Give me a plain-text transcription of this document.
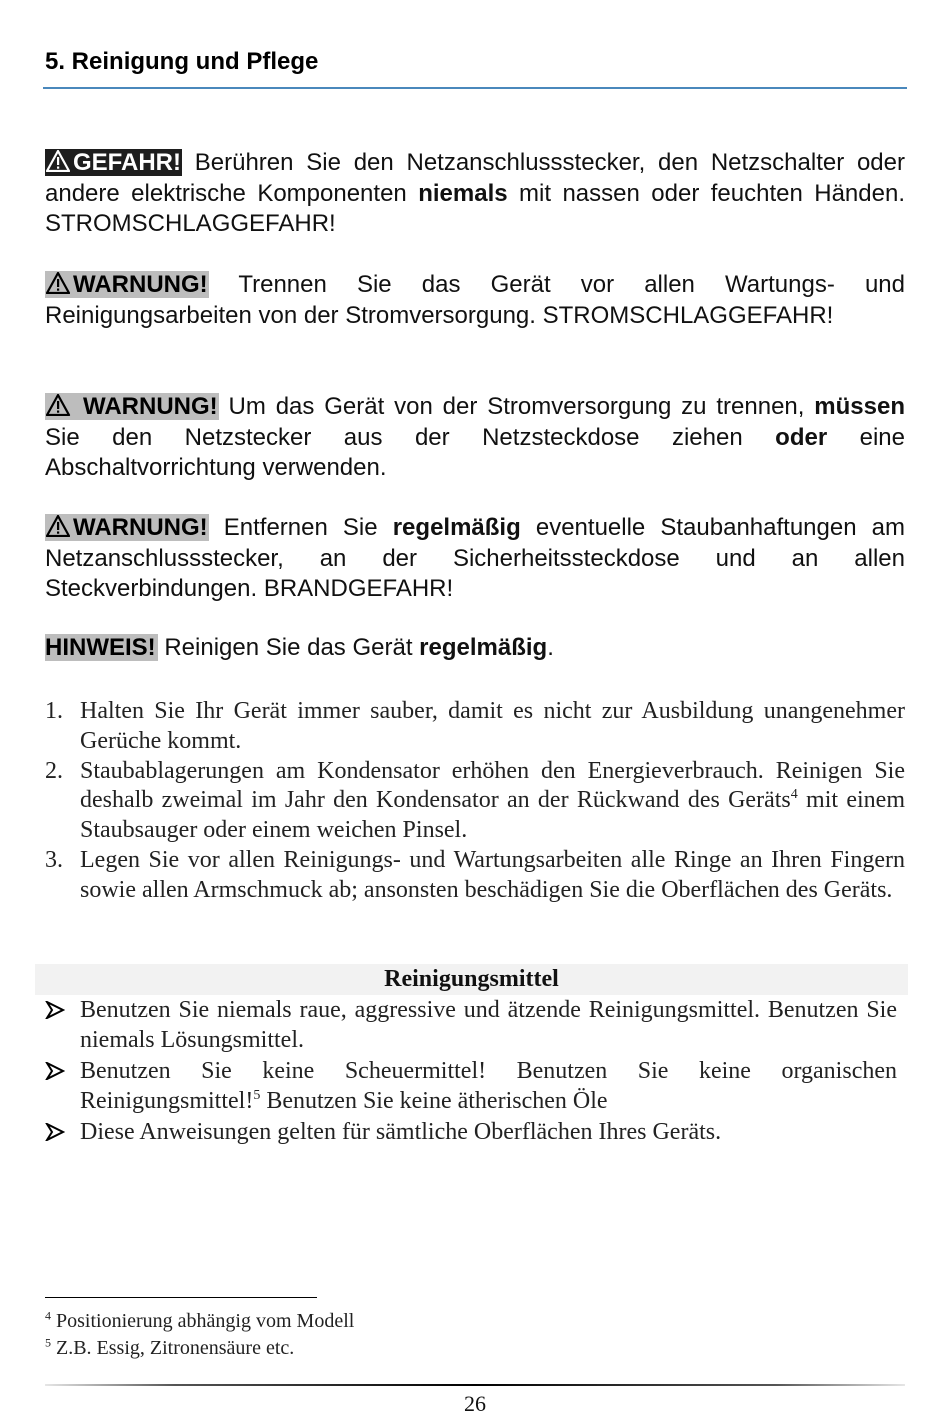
5. Reinigung und Pflege
GEFAHR! Berühren Sie den Netzanschlussstecker, den Netzschalter oder andere elektrische Komponenten niemals mit nassen oder feuchten Händen. STROMSCHLAGGEFAHR!
WARNUNG! Trennen Sie das Gerät vor allen Wartungs- und Reinigungsarbeiten von der Stromversorgung. STROMSCHLAGGEFAHR!
WARNUNG! Um das Gerät von der Stromversorgung zu trennen, müssen Sie den Netzstecker aus der Netzsteckdose ziehen oder eine Abschaltvorrichtung verwenden.
WARNUNG! Entfernen Sie regelmäßig eventuelle Staubanhaftungen am Netzanschlussstecker, an der Sicherheitssteckdose und an allen Steckverbindungen. BRANDGEFAHR!
HINWEIS! Reinigen Sie das Gerät regelmäßig.
1. Halten Sie Ihr Gerät immer sauber, damit es nicht zur Ausbildung unangenehmer Gerüche kommt.
2. Staubablagerungen am Kondensator erhöhen den Energieverbrauch. Reinigen Sie deshalb zweimal im Jahr den Kondensator an der Rückwand des Geräts$^4$ mit einem Staubsauger oder einem weichen Pinsel.
3. Legen Sie vor allen Reinigungs- und Wartungsarbeiten alle Ringe an Ihren Fingern sowie allen Armschmuck ab; ansonsten beschädigen Sie die Oberflächen des Geräts.
Reinigungsmittel
Benutzen Sie niemals raue, aggressive und ätzende Reinigungsmittel. Benutzen Sie niemals Lösungsmittel.
Benutzen Sie keine Scheuermittel! Benutzen Sie keine organischen Reinigungsmittel!$^5$ Benutzen Sie keine ätherischen Öle
Diese Anweisungen gelten für sämtliche Oberflächen Ihres Geräts.
$^4$ Positionierung abhängig vom Modell
$^5$ Z.B. Essig, Zitronensäure etc.
26
